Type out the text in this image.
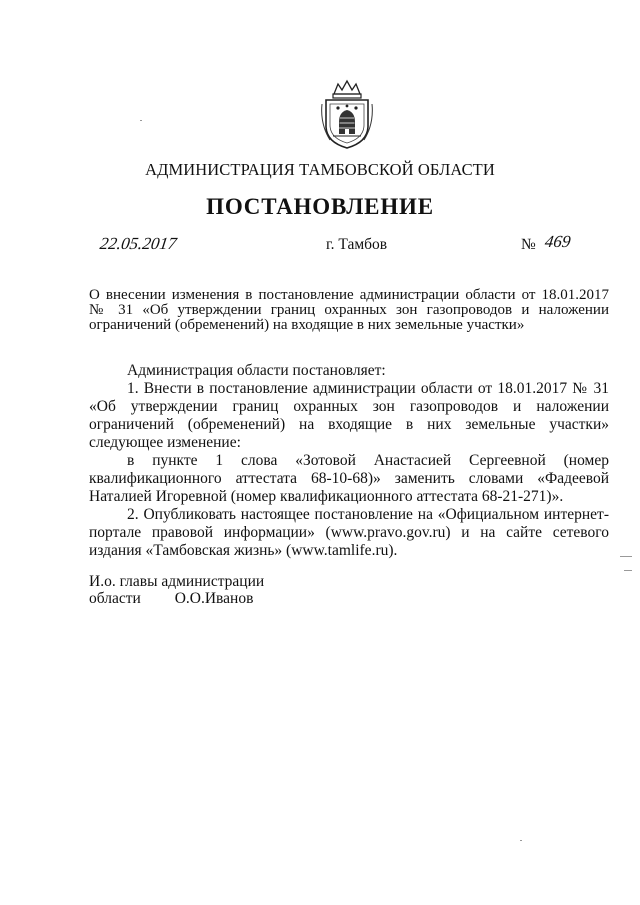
АДМИНИСТРАЦИЯ ТАМБОВСКОЙ ОБЛАСТИ
ПОСТАНОВЛЕНИЕ
22.05.2017	г. Тамбов	№ 469
О внесении изменения в постановление администрации области от 18.01.2017
№ 31 «Об утверждении границ охранных зон газопроводов и наложении
ограничений (обременений) на входящие в них земельные участки»
Администрация области постановляет:
1. Внести в постановление администрации области от 18.01.2017 № 31
«Об утверждении границ охранных зон газопроводов и наложении
ограничений (обременений) на входящие в них земельные участки»
следующее изменение:
в пункте 1 слова «Зотовой Анастасией Сергеевной (номер
квалификационного аттестата 68-10-68)» заменить словами «Фадеевой
Наталией Игоревной (номер квалификационного аттестата 68-21-271)».
2. Опубликовать настоящее постановление на «Официальном интернет-
портале правовой информации» (www.pravo.gov.ru) и на сайте сетевого
издания «Тамбовская жизнь» (www.tamlife.ru).
И.о. главы администрации
области О.О.Иванов
